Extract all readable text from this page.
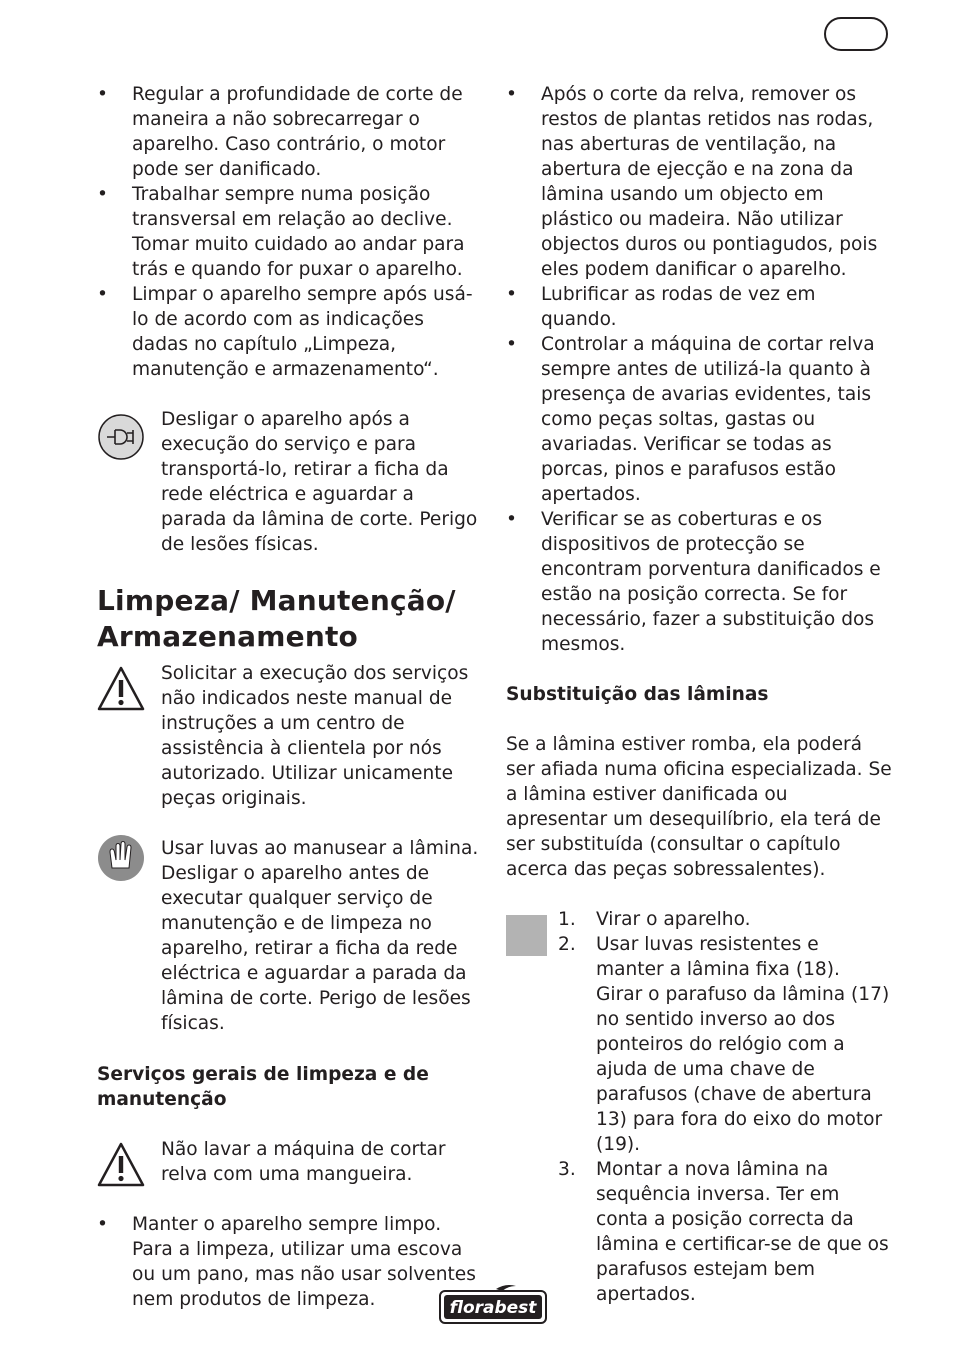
• Regular a profundidade de corte de maneira a não sobrecarregar o aparelho. Caso contrário, o motor pode ser danificado.
• Trabalhar sempre numa posição transversal em relação ao declive. Tomar muito cuidado ao andar para trás e quando for puxar o aparelho.
• Limpar o aparelho sempre após usá-lo de acordo com as indicações dadas no capítulo „Limpeza, manutenção e armazenamento“.
Desligar o aparelho após a execução do serviço e para transportá-lo, retirar a ficha da rede eléctrica e aguardar a parada da lâmina de corte. Perigo de lesões físicas.
Limpeza/ Manutenção/ Armazenamento
Solicitar a execução dos serviços não indicados neste manual de instruções a um centro de assistência à clientela por nós autorizado. Utilizar unicamente peças originais.
Usar luvas ao manusear a lâmina. Desligar o aparelho antes de executar qualquer serviço de manutenção e de limpeza no aparelho, retirar a ficha da rede eléctrica e aguardar a parada da lâmina de corte. Perigo de lesões físicas.
Serviços gerais de limpeza e de manutenção
Não lavar a máquina de cortar relva com uma mangueira.
• Manter o aparelho sempre limpo. Para a limpeza, utilizar uma escova ou um pano, mas não usar solventes nem produtos de limpeza.
• Após o corte da relva, remover os restos de plantas retidos nas rodas, nas aberturas de ventilação, na abertura de ejecção e na zona da lâmina usando um objecto em plástico ou madeira. Não utilizar objectos duros ou pontiagudos, pois eles podem danificar o aparelho.
• Lubrificar as rodas de vez em quando.
• Controlar a máquina de cortar relva sempre antes de utilizá-la quanto à presença de avarias evidentes, tais como peças soltas, gastas ou avariadas. Verificar se todas as porcas, pinos e parafusos estão apertados.
• Verificar se as coberturas e os dispositivos de protecção se encontram porventura danificados e estão na posição correcta. Se for necessário, fazer a substituição dos mesmos.
Substituição das lâminas

Se a lâmina estiver romba, ela poderá ser afiada numa oficina especializada. Se a lâmina estiver danificada ou apresentar um desequilíbrio, ela terá de ser substituída (consultar o capítulo acerca das peças sobressalentes).

1. Virar o aparelho.
2. Usar luvas resistentes e manter a lâmina fixa (18). Girar o parafuso da lâmina (17) no sentido inverso ao dos ponteiros do relógio com a ajuda de uma chave de parafusos (chave de abertura 13) para fora do eixo do motor (19).
3. Montar a nova lâmina na sequência inversa. Ter em conta a posição correcta da lâmina e certificar-se de que os parafusos estejam bem apertados.
florabest
